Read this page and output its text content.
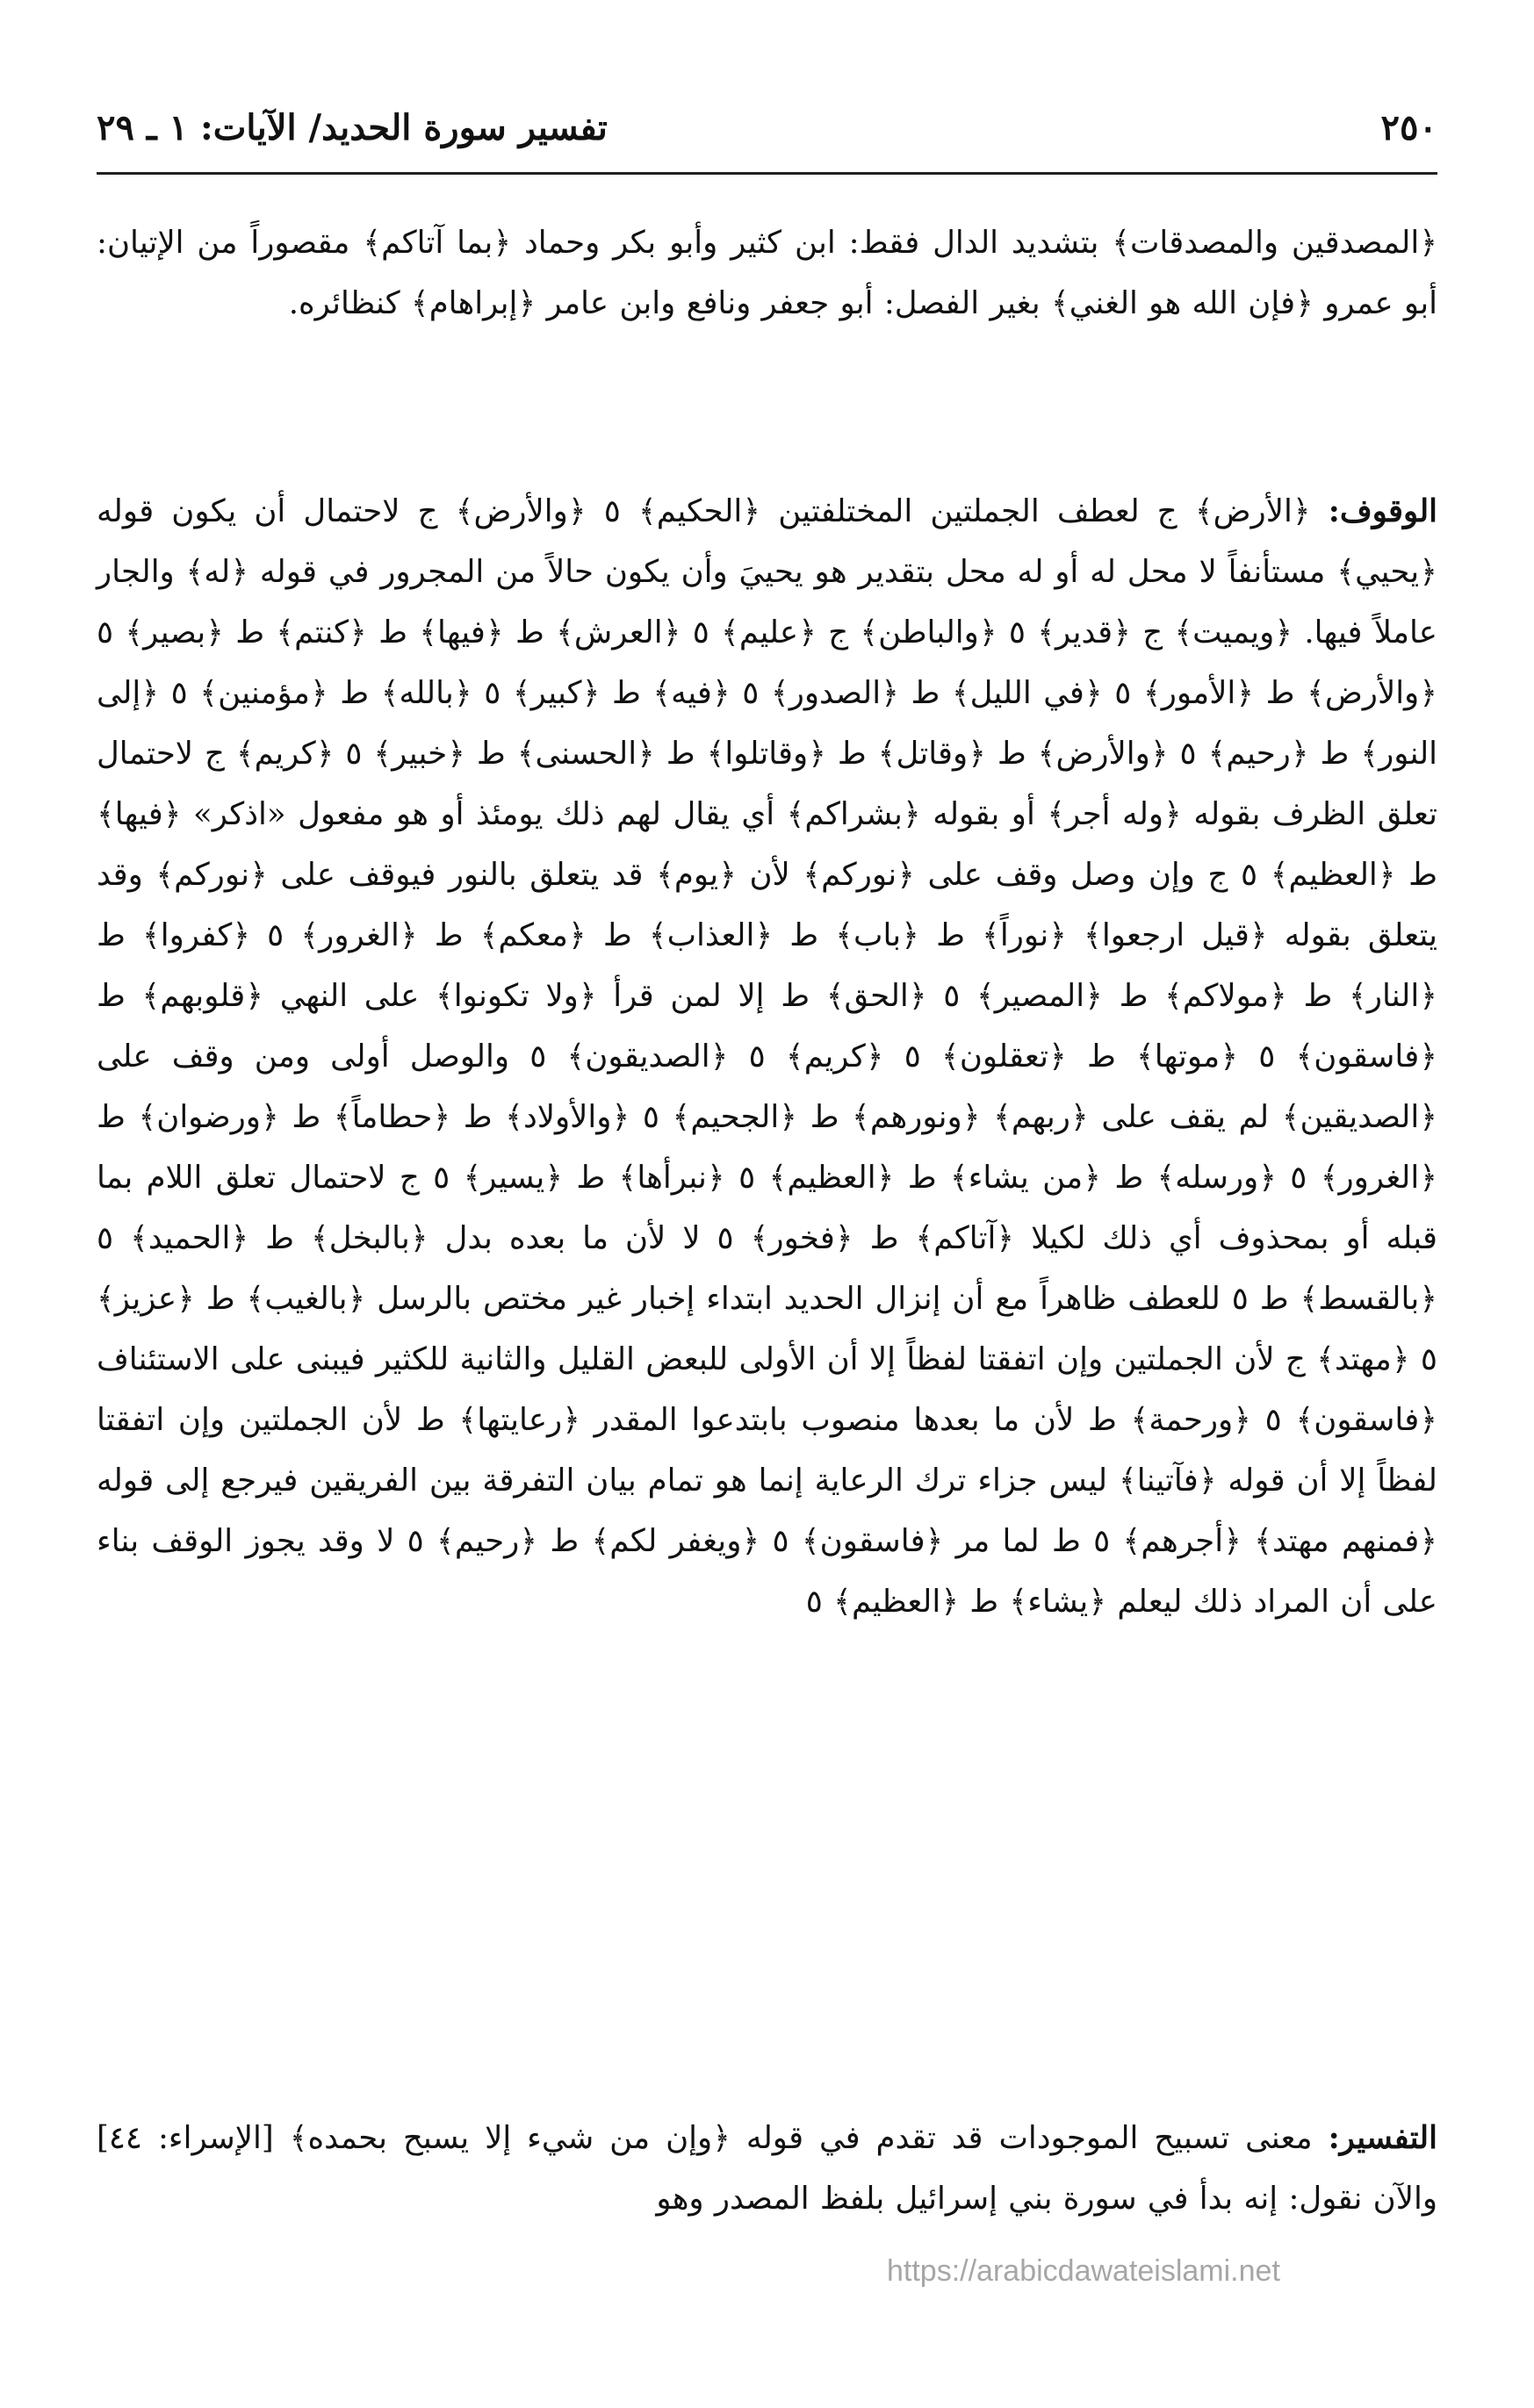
٢٥٠
تفسير سورة الحديد/ الآيات: ١ ـ ٢٩

﴿المصدقين والمصدقات﴾ بتشديد الدال فقط: ابن كثير وأبو بكر وحماد ﴿بما آتاكم﴾ مقصوراً من الإتيان: أبو عمرو ﴿فإن الله هو الغني﴾ بغير الفصل: أبو جعفر ونافع وابن عامر ﴿إبراهام﴾ كنظائره.

الوقوف: ﴿الأرض﴾ ج لعطف الجملتين المختلفتين ﴿الحكيم﴾ ٥ ﴿والأرض﴾ ج لاحتمال أن يكون قوله ﴿يحيي﴾ مستأنفاً لا محل له أو له محل بتقدير هو يحييَ وأن يكون حالاً من المجرور في قوله ﴿له﴾ والجار عاملاً فيها. ﴿ويميت﴾ ج ﴿قدير﴾ ٥ ﴿والباطن﴾ ج ﴿عليم﴾ ٥ ﴿العرش﴾ ط ﴿فيها﴾ ط ﴿كنتم﴾ ط ﴿بصير﴾ ٥ ﴿والأرض﴾ ط ﴿الأمور﴾ ٥ ﴿في الليل﴾ ط ﴿الصدور﴾ ٥ ﴿فيه﴾ ط ﴿كبير﴾ ٥ ﴿بالله﴾ ط ﴿مؤمنين﴾ ٥ ﴿إلى النور﴾ ط ﴿رحيم﴾ ٥ ﴿والأرض﴾ ط ﴿وقاتل﴾ ط ﴿وقاتلوا﴾ ط ﴿الحسنى﴾ ط ﴿خبير﴾ ٥ ﴿كريم﴾ ج لاحتمال تعلق الظرف بقوله ﴿وله أجر﴾ أو بقوله ﴿بشراكم﴾ أي يقال لهم ذلك يومئذ أو هو مفعول «اذكر» ﴿فيها﴾ ط ﴿العظيم﴾ ٥ ج وإن وصل وقف على ﴿نوركم﴾ لأن ﴿يوم﴾ قد يتعلق بالنور فيوقف على ﴿نوركم﴾ وقد يتعلق بقوله ﴿قيل ارجعوا﴾ ﴿نوراً﴾ ط ﴿باب﴾ ط ﴿العذاب﴾ ط ﴿معكم﴾ ط ﴿الغرور﴾ ٥ ﴿كفروا﴾ ط ﴿النار﴾ ط ﴿مولاكم﴾ ط ﴿المصير﴾ ٥ ﴿الحق﴾ ط إلا لمن قرأ ﴿ولا تكونوا﴾ على النهي ﴿قلوبهم﴾ ط ﴿فاسقون﴾ ٥ ﴿موتها﴾ ط ﴿تعقلون﴾ ٥ ﴿كريم﴾ ٥ ﴿الصديقون﴾ ٥ والوصل أولى ومن وقف على ﴿الصديقين﴾ لم يقف على ﴿ربهم﴾ ﴿ونورهم﴾ ط ﴿الجحيم﴾ ٥ ﴿والأولاد﴾ ط ﴿حطاماً﴾ ط ﴿ورضوان﴾ ط ﴿الغرور﴾ ٥ ﴿ورسله﴾ ط ﴿من يشاء﴾ ط ﴿العظيم﴾ ٥ ﴿نبرأها﴾ ط ﴿يسير﴾ ٥ ج لاحتمال تعلق اللام بما قبله أو بمحذوف أي ذلك لكيلا ﴿آتاكم﴾ ط ﴿فخور﴾ ٥ لا لأن ما بعده بدل ﴿بالبخل﴾ ط ﴿الحميد﴾ ٥ ﴿بالقسط﴾ ط ٥ للعطف ظاهراً مع أن إنزال الحديد ابتداء إخبار غير مختص بالرسل ﴿بالغيب﴾ ط ﴿عزيز﴾ ٥ ﴿مهتد﴾ ج لأن الجملتين وإن اتفقتا لفظاً إلا أن الأولى للبعض القليل والثانية للكثير فيبنى على الاستئناف ﴿فاسقون﴾ ٥ ﴿ورحمة﴾ ط لأن ما بعدها منصوب بابتدعوا المقدر ﴿رعايتها﴾ ط لأن الجملتين وإن اتفقتا لفظاً إلا أن قوله ﴿فآتينا﴾ ليس جزاء ترك الرعاية إنما هو تمام بيان التفرقة بين الفريقين فيرجع إلى قوله ﴿فمنهم مهتد﴾ ﴿أجرهم﴾ ٥ ط لما مر ﴿فاسقون﴾ ٥ ﴿ويغفر لكم﴾ ط ﴿رحيم﴾ ٥ لا وقد يجوز الوقف بناء على أن المراد ذلك ليعلم ﴿يشاء﴾ ط ﴿العظيم﴾ ٥

التفسير: معنى تسبيح الموجودات قد تقدم في قوله ﴿وإن من شيء إلا يسبح بحمده﴾ [الإسراء: ٤٤] والآن نقول: إنه بدأ في سورة بني إسرائيل بلفظ المصدر وهو

https://arabicdawateislami.net
